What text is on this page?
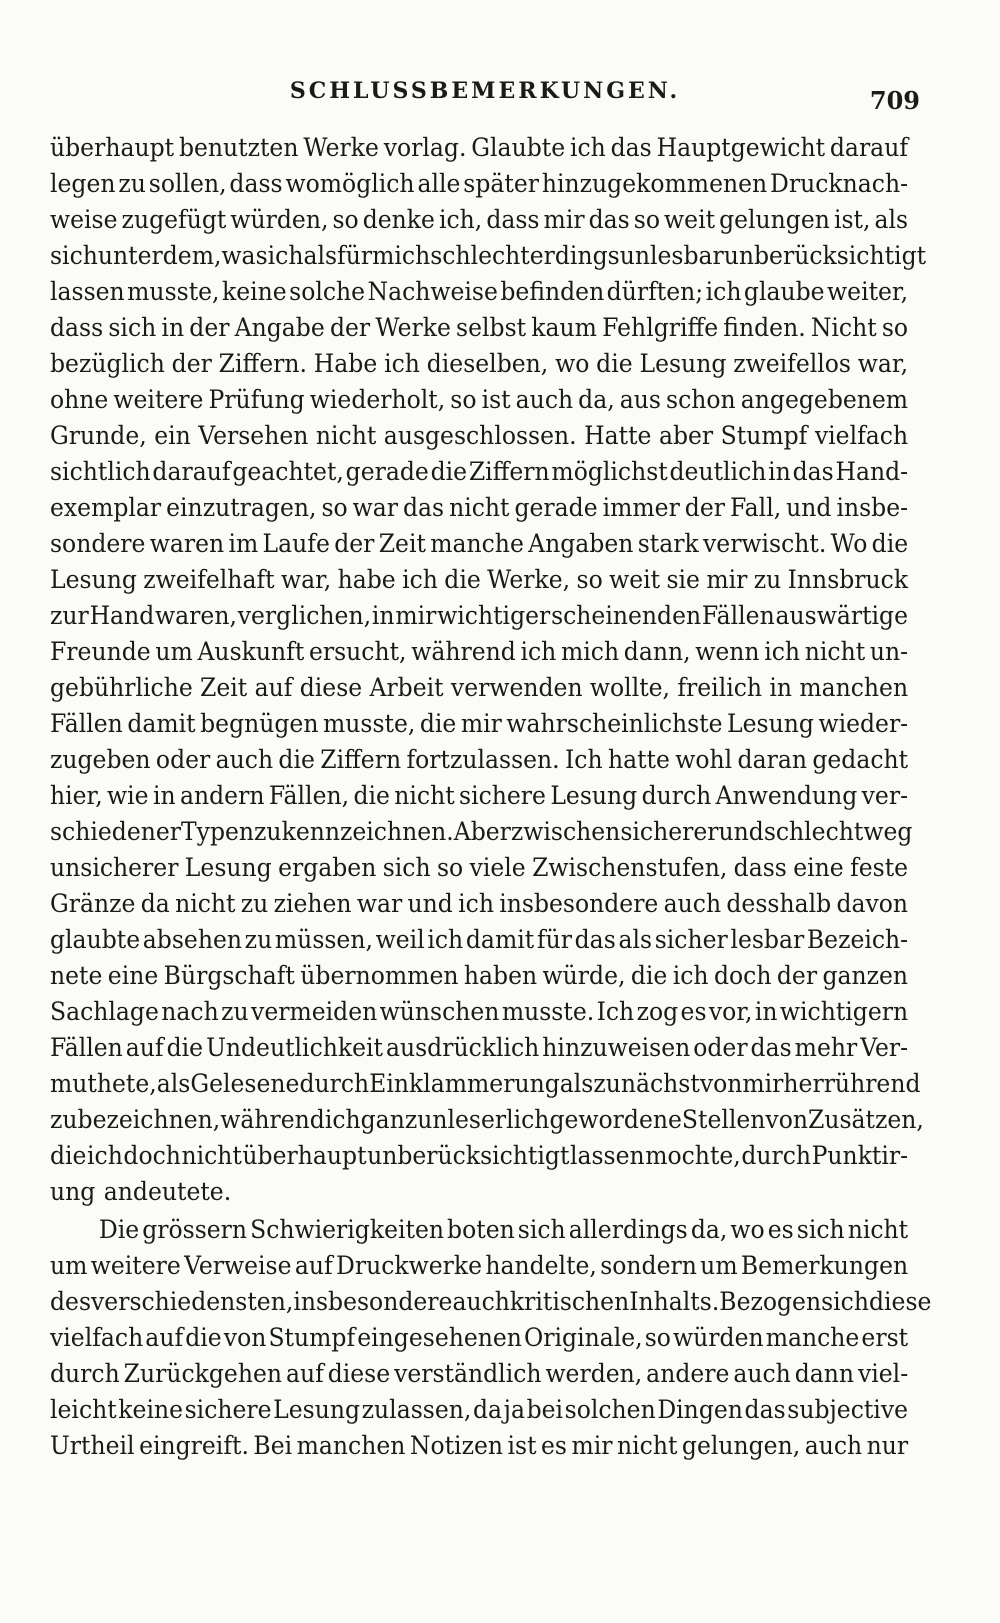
SCHLUSSBEMERKUNGEN.	709
überhaupt benutzten Werke vorlag. Glaubte ich das Hauptgewicht darauf
legen zu sollen, dass womöglich alle später hinzugekommenen Drucknach-
weise zugefügt würden, so denke ich, dass mir das so weit gelungen ist, als
sich unter dem, was ich als für mich schlechterdings unlesbar unberücksichtigt
lassen musste, keine solche Nachweise befinden dürften; ich glaube weiter,
dass sich in der Angabe der Werke selbst kaum Fehlgriffe finden. Nicht so
bezüglich der Ziffern. Habe ich dieselben, wo die Lesung zweifellos war,
ohne weitere Prüfung wiederholt, so ist auch da, aus schon angegebenem
Grunde, ein Versehen nicht ausgeschlossen. Hatte aber Stumpf vielfach
sichtlich darauf geachtet, gerade die Ziffern möglichst deutlich in das Hand-
exemplar einzutragen, so war das nicht gerade immer der Fall, und insbe-
sondere waren im Laufe der Zeit manche Angaben stark verwischt. Wo die
Lesung zweifelhaft war, habe ich die Werke, so weit sie mir zu Innsbruck
zur Hand waren, verglichen, in mir wichtiger scheinenden Fällen auswärtige
Freunde um Auskunft ersucht, während ich mich dann, wenn ich nicht un-
gebührliche Zeit auf diese Arbeit verwenden wollte, freilich in manchen
Fällen damit begnügen musste, die mir wahrscheinlichste Lesung wieder-
zugeben oder auch die Ziffern fortzulassen. Ich hatte wohl daran gedacht
hier, wie in andern Fällen, die nicht sichere Lesung durch Anwendung ver-
schiedener Typen zu kennzeichnen. Aber zwischen sicherer und schlechtweg
unsicherer Lesung ergaben sich so viele Zwischenstufen, dass eine feste
Gränze da nicht zu ziehen war und ich insbesondere auch desshalb davon
glaubte absehen zu müssen, weil ich damit für das als sicher lesbar Bezeich-
nete eine Bürgschaft übernommen haben würde, die ich doch der ganzen
Sachlage nach zu vermeiden wünschen musste. Ich zog es vor, in wichtigern
Fällen auf die Undeutlichkeit ausdrücklich hinzuweisen oder das mehr Ver-
muthete, als Gelesene durch Einklammerung als zunächst von mir herrührend
zu bezeichnen, während ich ganz unleserlich gewordene Stellen von Zusätzen,
die ich doch nicht überhaupt unberücksichtigt lassen mochte, durch Punktir-
ung andeutete.
Die grössern Schwierigkeiten boten sich allerdings da, wo es sich nicht
um weitere Verweise auf Druckwerke handelte, sondern um Bemerkungen
des verschiedensten, insbesondere auch kritischen Inhalts. Bezogen sich diese
vielfach auf die von Stumpf eingesehenen Originale, so würden manche erst
durch Zurückgehen auf diese verständlich werden, andere auch dann viel-
leicht keine sichere Lesung zulassen, da ja bei solchen Dingen das subjective
Urtheil eingreift. Bei manchen Notizen ist es mir nicht gelungen, auch nur
